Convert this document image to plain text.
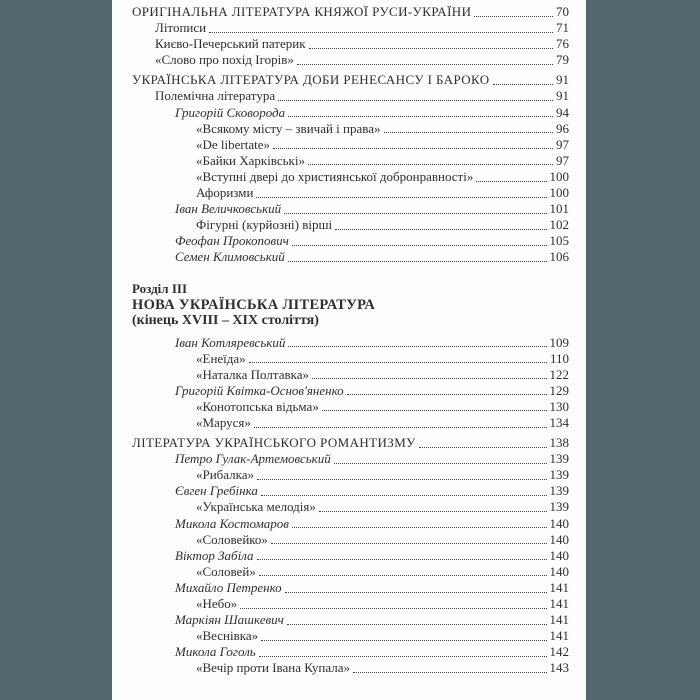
ОРИГІНАЛЬНА ЛІТЕРАТУРА КНЯЖОЇ РУСИ-УКРАЇНИ	70
Літописи	71
Києво-Печерський патерик	76
«Слово про похід Ігорів»	79
УКРАЇНСЬКА ЛІТЕРАТУРА ДОБИ РЕНЕСАНСУ І БАРОКО	91
Полемічна література	91
Григорій Сковорода	94
«Всякому місту – звичай і права»	96
«De libertate»	97
«Байки Харківські»	97
«Вступні двері до християнської добронравності»	100
Афоризми	100
Іван Величковський	101
Фігурні (курйозні) вірші	102
Феофан Прокопович	105
Семен Климовський	106
Розділ III
НОВА УКРАЇНСЬКА ЛІТЕРАТУРА
(кінець XVIII – XIX століття)
Іван Котляревський	109
«Енеїда»	110
«Наталка Полтавка»	122
Григорій Квітка-Основ'яненко	129
«Конотопська відьма»	130
«Маруся»	134
ЛІТЕРАТУРА УКРАЇНСЬКОГО РОМАНТИЗМУ	138
Петро Гулак-Артемовський	139
«Рибалка»	139
Євген Гребінка	139
«Українська мелодія»	139
Микола Костомаров	140
«Соловейко»	140
Віктор Забіла	140
«Соловей»	140
Михайло Петренко	141
«Небо»	141
Маркіян Шашкевич	141
«Веснівка»	141
Микола Гоголь	142
«Вечір проти Івана Купала»	143
